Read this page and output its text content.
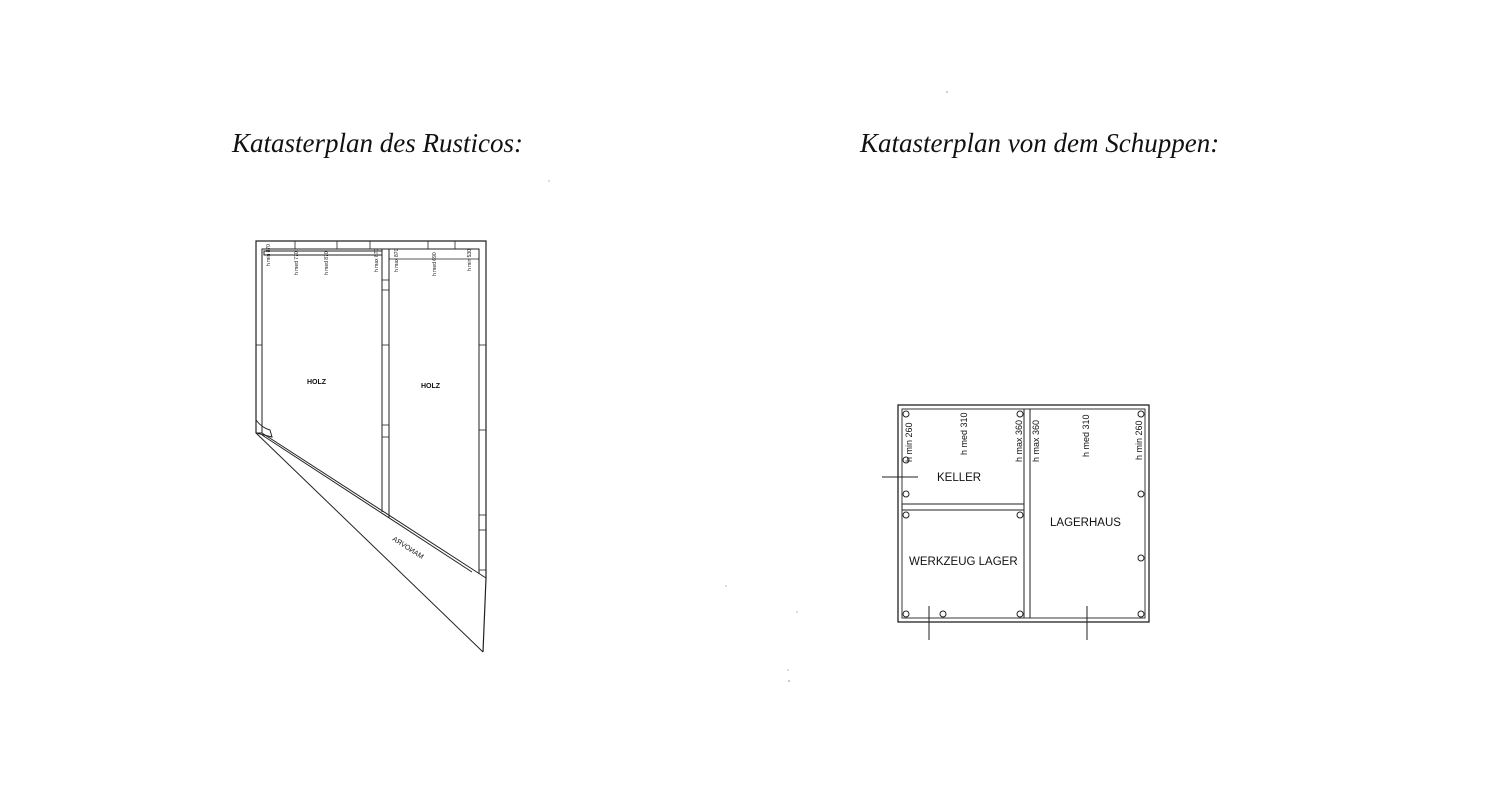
Katasterplan des Rusticos:	Katasterplan von dem Schuppen:
h min 870	h med 770	h med 870	h max 870	h max 870	h med 690	h min 530
HOLZ
HOLZ
MANOVRA
h min 260	h med 310	h max 360 h max 360	h med 310	h min 260
KELLER
WERKZEUG LAGER
LAGERHAUS
